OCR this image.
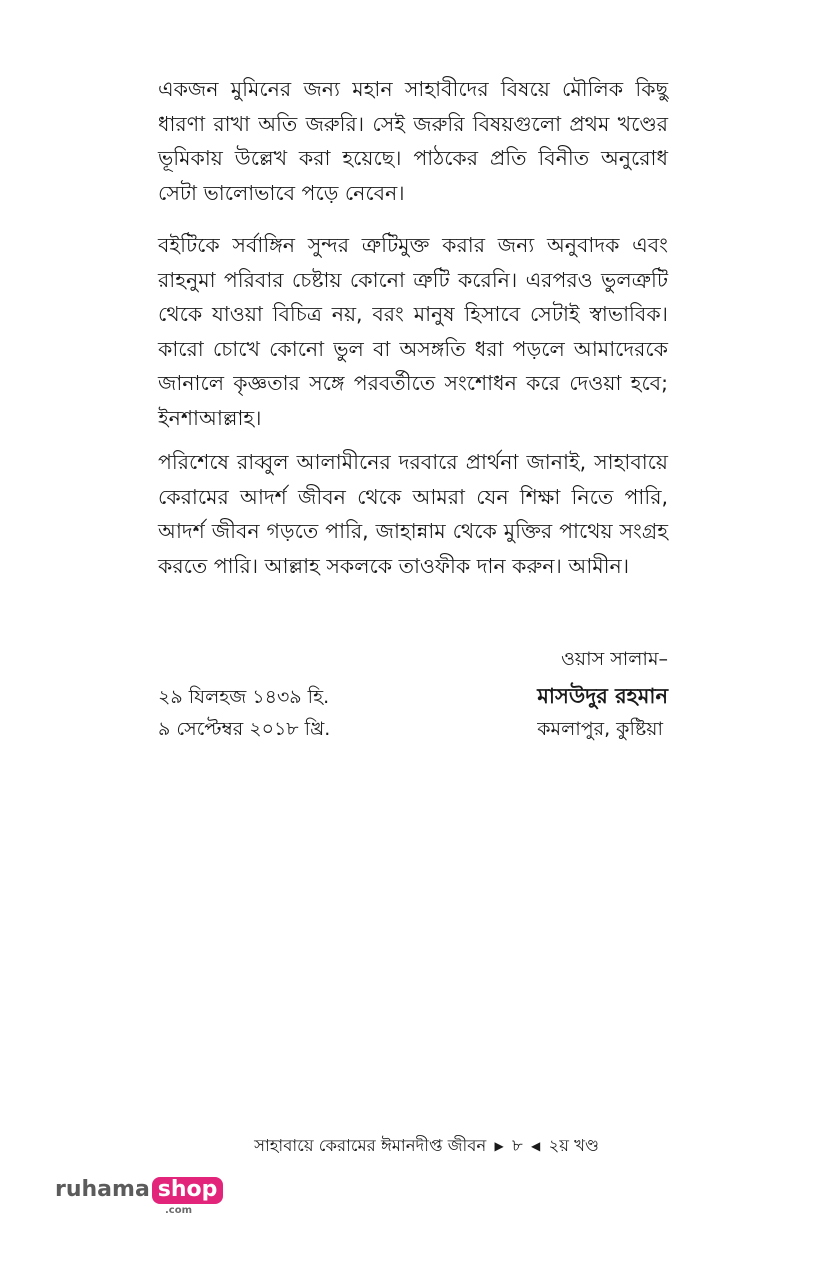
একজন মুমিনের জন্য মহান সাহাবীদের বিষয়ে মৌলিক কিছু ধারণা রাখা অতি জরুরি। সেই জরুরি বিষয়গুলো প্রথম খণ্ডের ভূমিকায় উল্লেখ করা হয়েছে। পাঠকের প্রতি বিনীত অনুরোধ সেটা ভালোভাবে পড়ে নেবেন।

বইটিকে সর্বাঙ্গিন সুন্দর ত্রুটিমুক্ত করার জন্য অনুবাদক এবং রাহনুমা পরিবার চেষ্টায় কোনো ত্রুটি করেনি। এরপরও ভুলত্রুটি থেকে যাওয়া বিচিত্র নয়, বরং মানুষ হিসাবে সেটাই স্বাভাবিক। কারো চোখে কোনো ভুল বা অসঙ্গতি ধরা পড়লে আমাদেরকে জানালে কৃজ্ঞতার সঙ্গে পরবর্তীতে সংশোধন করে দেওয়া হবে; ইনশাআল্লাহ।

পরিশেষে রাব্বুল আলামীনের দরবারে প্রার্থনা জানাই, সাহাবায়ে কেরামের আদর্শ জীবন থেকে আমরা যেন শিক্ষা নিতে পারি, আদর্শ জীবন গড়তে পারি, জাহান্নাম থেকে মুক্তির পাথেয় সংগ্রহ করতে পারি। আল্লাহ সকলকে তাওফীক দান করুন। আমীন।

ওয়াস সালাম–
২৯ যিলহজ ১৪৩৯ হি.
৯ সেপ্টেম্বর ২০১৮ খ্রি.
মাসউদুর রহমান
কমলাপুর, কুষ্টিয়া
সাহাবায়ে কেরামের ঈমানদীপ্ত জীবন ▶ ৮ ◀ ২য় খণ্ড
ruhama shop
.com
